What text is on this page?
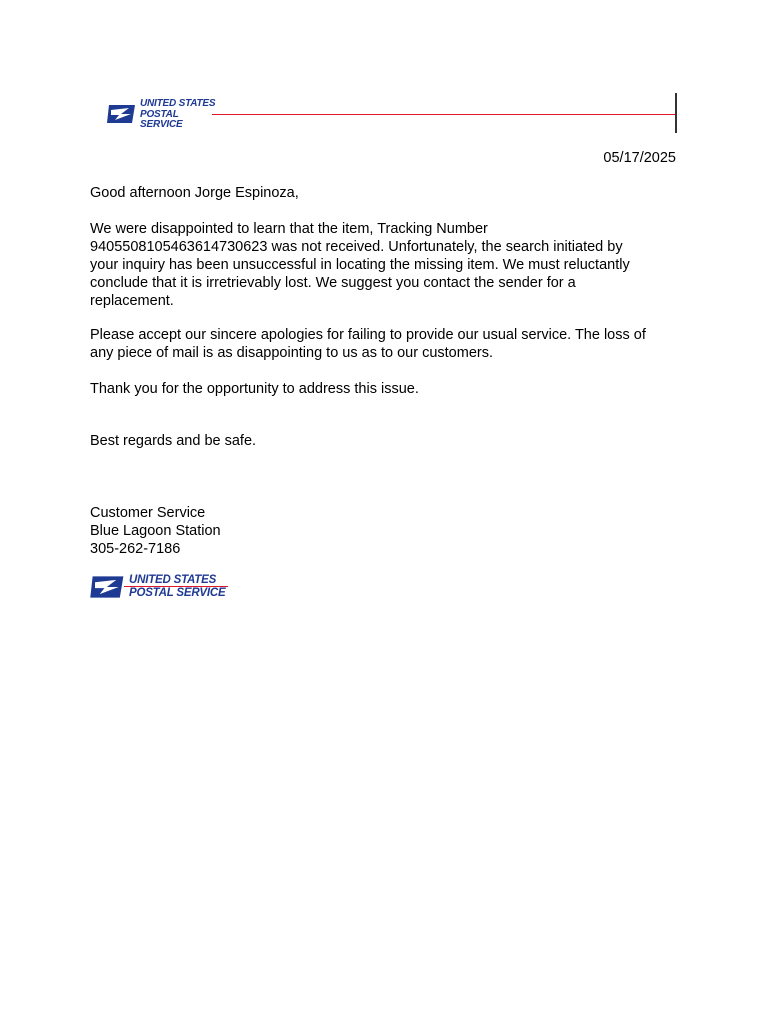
UNITED STATES
POSTAL SERVICE
05/17/2025
Good afternoon Jorge Espinoza,
We were disappointed to learn that the item, Tracking Number
9405508105463614730623 was not received. Unfortunately, the search initiated by
your inquiry has been unsuccessful in locating the missing item. We must reluctantly
conclude that it is irretrievably lost. We suggest you contact the sender for a
replacement.
Please accept our sincere apologies for failing to provide our usual service. The loss of
any piece of mail is as disappointing to us as to our customers.
Thank you for the opportunity to address this issue.
Best regards and be safe.
Customer Service
Blue Lagoon Station
305-262-7186
UNITED STATES
POSTAL SERVICE
